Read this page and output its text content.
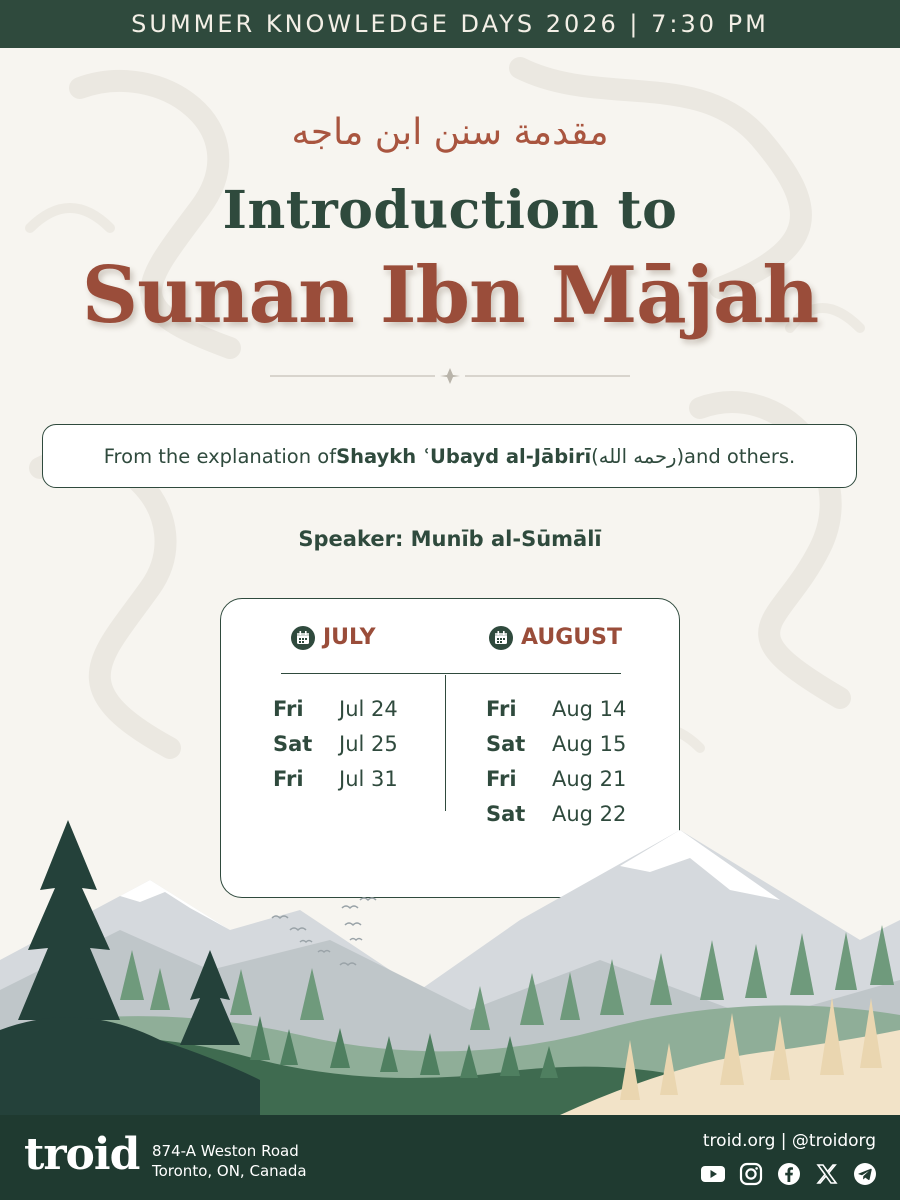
SUMMER KNOWLEDGE DAYS 2026 | 7:30 PM
مقدمة سنن ابن ماجه
Introduction to
Sunan Ibn Mājah
From the explanation of Shaykh ʿUbayd al-Jābirī (رحمه الله) and others.
Speaker: Munīb al-Sūmālī
JULY	AUGUST
Fri	Jul 24
Sat	Jul 25
Fri	Jul 31
Fri	Aug 14
Sat	Aug 15
Fri	Aug 21
Sat	Aug 22
troid 874-A Weston Road
Toronto, ON, Canada
troid.org | @troidorg
